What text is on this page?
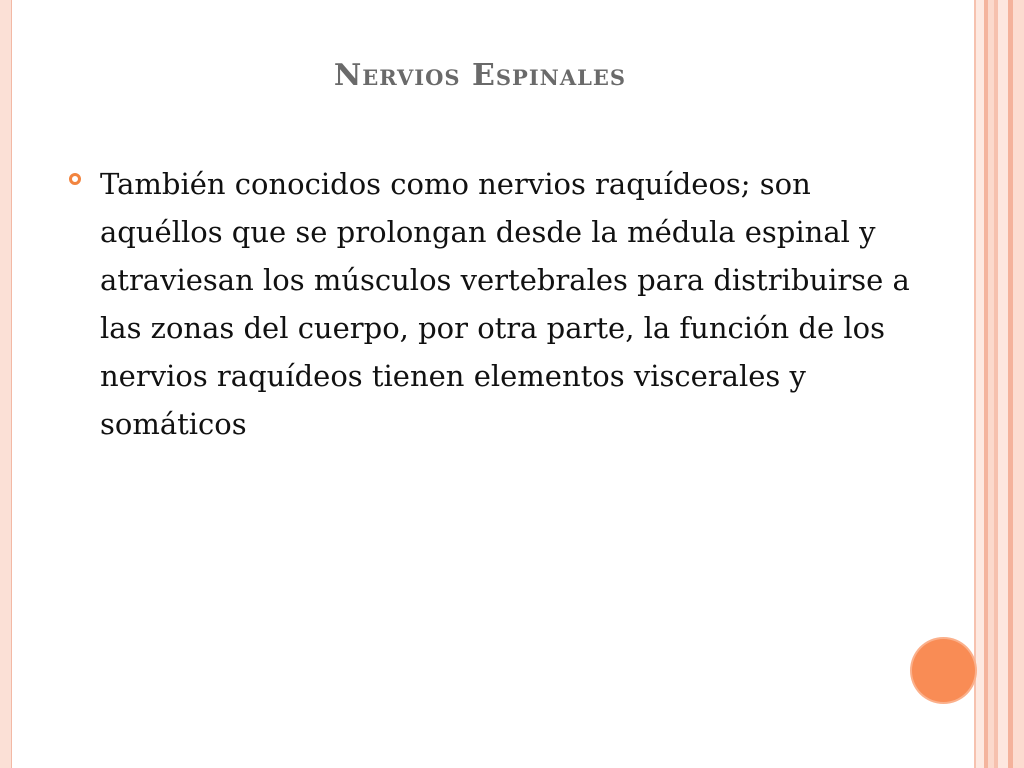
Nervios Espinales

También conocidos como nervios raquídeos; son aquéllos que se prolongan desde la médula espinal y atraviesan los músculos vertebrales para distribuirse a las zonas del cuerpo, por otra parte, la función de los nervios raquídeos tienen elementos viscerales y somáticos
